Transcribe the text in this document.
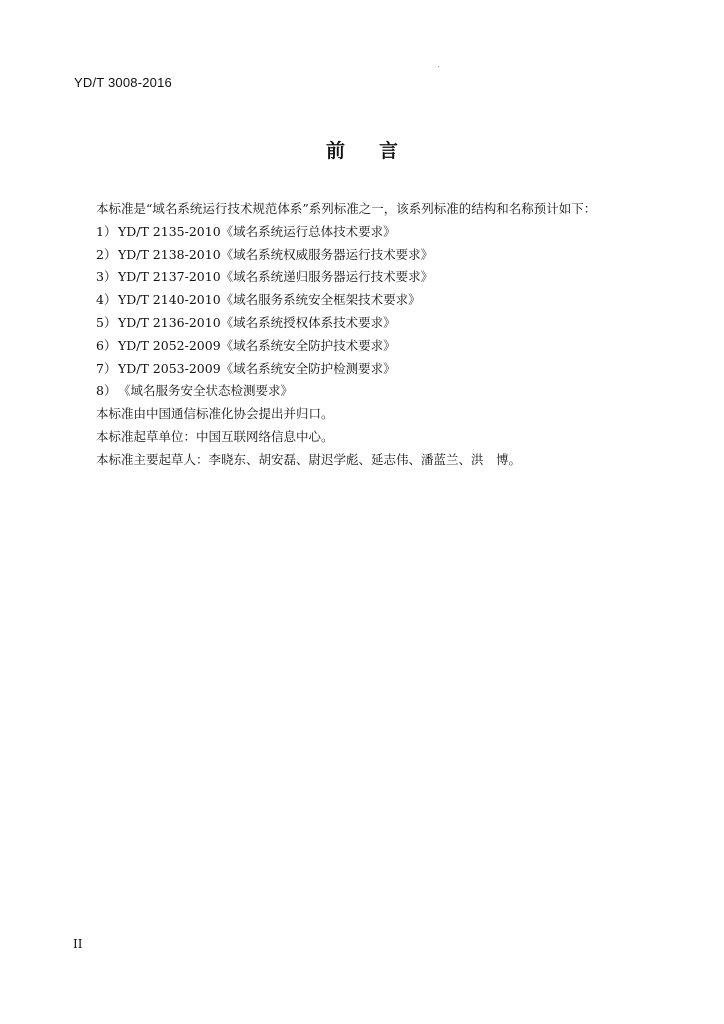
YD/T 3008-2016
前 言
本标准是“域名系统运行技术规范体系”系列标准之一，该系列标准的结构和名称预计如下：
1） YD/T 2135-2010《域名系统运行总体技术要求》
2） YD/T 2138-2010《域名系统权威服务器运行技术要求》
3） YD/T 2137-2010《域名系统递归服务器运行技术要求》
4） YD/T 2140-2010《域名服务系统安全框架技术要求》
5） YD/T 2136-2010《域名系统授权体系技术要求》
6） YD/T 2052-2009《域名系统安全防护技术要求》
7） YD/T 2053-2009《域名系统安全防护检测要求》
8） 《域名服务安全状态检测要求》
本标准由中国通信标准化协会提出并归口。
本标准起草单位：中国互联网络信息中心。
本标准主要起草人：李晓东、胡安磊、尉迟学彪、延志伟、潘蓝兰、洪　博。
II
